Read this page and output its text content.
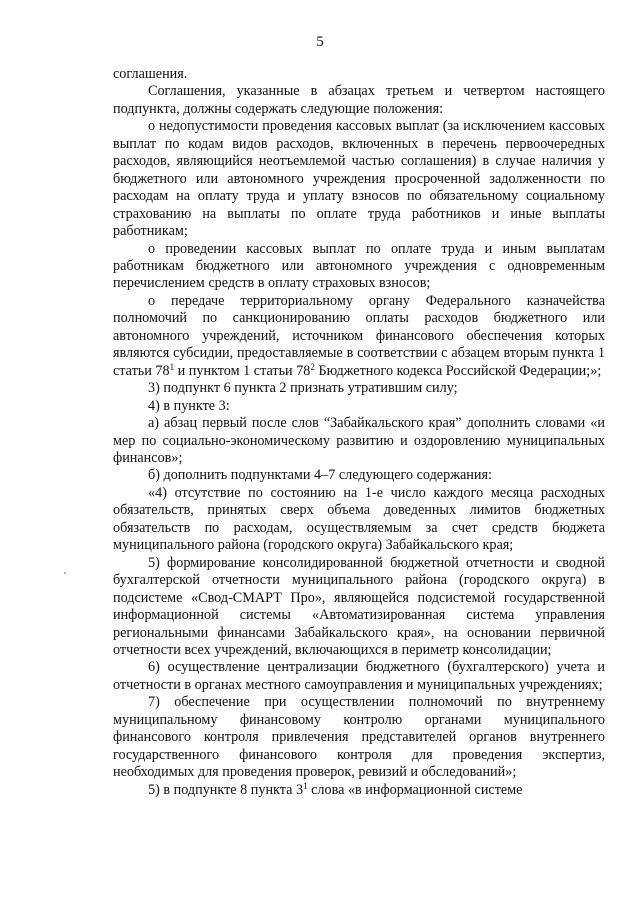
5

соглашения.

Соглашения, указанные в абзацах третьем и четвертом настоящего подпункта, должны содержать следующие положения:

о недопустимости проведения кассовых выплат (за исключением кассовых выплат по кодам видов расходов, включенных в перечень первоочередных расходов, являющийся неотъемлемой частью соглашения) в случае наличия у бюджетного или автономного учреждения просроченной задолженности по расходам на оплату труда и уплату взносов по обязательному социальному страхованию на выплаты по оплате труда работников и иные выплаты работникам;

о проведении кассовых выплат по оплате труда и иным выплатам работникам бюджетного или автономного учреждения с одновременным перечислением средств в оплату страховых взносов;

о передаче территориальному органу Федерального казначейства полномочий по санкционированию оплаты расходов бюджетного или автономного учреждений, источником финансового обеспечения которых являются субсидии, предоставляемые в соответствии с абзацем вторым пункта 1 статьи $78^1$ и пунктом 1 статьи $78^2$ Бюджетного кодекса Российской Федерации;»;

3) подпункт 6 пункта 2 признать утратившим силу;

4) в пункте 3:

а) абзац первый после слов “Забайкальского края” дополнить словами «и мер по социально-экономическому развитию и оздоровлению муниципальных финансов»;

б) дополнить подпунктами 4–7 следующего содержания:

«4) отсутствие по состоянию на 1-е число каждого месяца расходных обязательств, принятых сверх объема доведенных лимитов бюджетных обязательств по расходам, осуществляемым за счет средств бюджета муниципального района (городского округа) Забайкальского края;

5) формирование консолидированной бюджетной отчетности и сводной бухгалтерской отчетности муниципального района (городского округа) в подсистеме «Свод-СМАРТ Про», являющейся подсистемой государственной информационной системы «Автоматизированная система управления региональными финансами Забайкальского края», на основании первичной отчетности всех учреждений, включающихся в периметр консолидации;

6) осуществление централизации бюджетного (бухгалтерского) учета и отчетности в органах местного самоуправления и муниципальных учреждениях;

7) обеспечение при осуществлении полномочий по внутреннему муниципальному финансовому контролю органами муниципального финансового контроля привлечения представителей органов внутреннего государственного финансового контроля для проведения экспертиз, необходимых для проведения проверок, ревизий и обследований»;

5) в подпункте 8 пункта $3^1$ слова «в информационной системе
